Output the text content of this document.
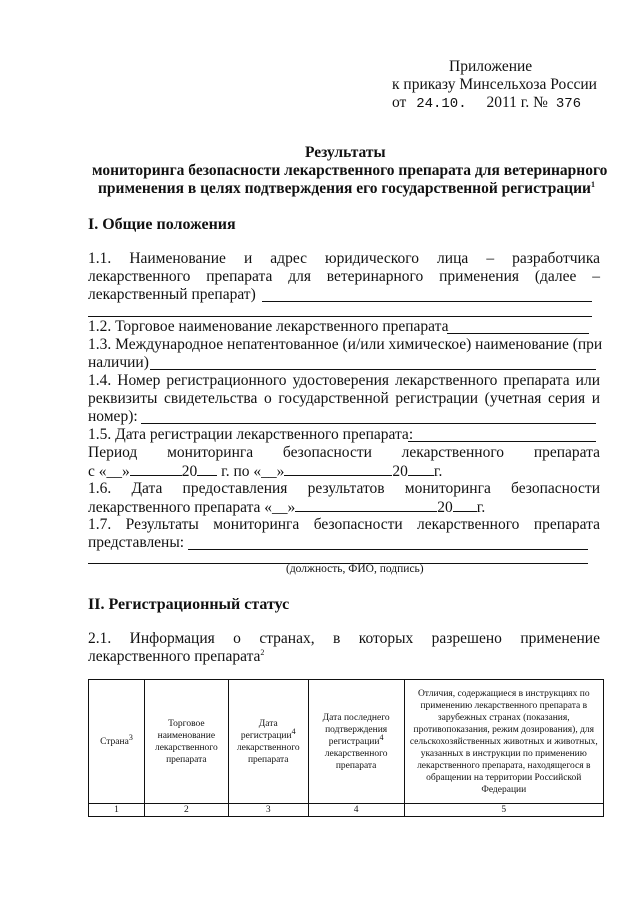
Приложение
к приказу Минсельхоза России
от 24.10. 2011 г. № 376
Результаты
мониторинга безопасности лекарственного препарата для ветеринарного
применения в целях подтверждения его государственной регистрации$^1$
I. Общие положения
1.1. Наименование и адрес юридического лица – разработчика
лекарственного препарата для ветеринарного применения (далее –
лекарственный препарат)
1.2. Торговое наименование лекарственного препарата
1.3. Международное непатентованное (и/или химическое) наименование (при
наличии)
1.4. Номер регистрационного удостоверения лекарственного препарата или
реквизиты свидетельства о государственной регистрации (учетная серия и
номер):
1.5. Дата регистрации лекарственного препарата:
Период мониторинга безопасности лекарственного препарата
с «__»	20 г. по «__»	20 г.
1.6. Дата предоставления результатов мониторинга безопасности
лекарственного препарата «__»	20 г.
1.7. Результаты мониторинга безопасности лекарственного препарата
представлены:
(должность, ФИО, подпись)
II. Регистрационный статус
2.1. Информация о странах, в которых разрешено применение
лекарственного препарата$^2$
Страна$^3$	Торговое наименование лекарственного препарата	Дата регистрации$^4$ лекарственного препарата	Дата последнего подтверждения регистрации$^4$ лекарственного препарата	Отличия, содержащиеся в инструкциях по применению лекарственного препарата в зарубежных странах (показания, противопоказания, режим дозирования), для сельскохозяйственных животных и животных, указанных в инструкции по применению лекарственного препарата, находящегося в обращении на территории Российской Федерации
1	2	3	4	5
